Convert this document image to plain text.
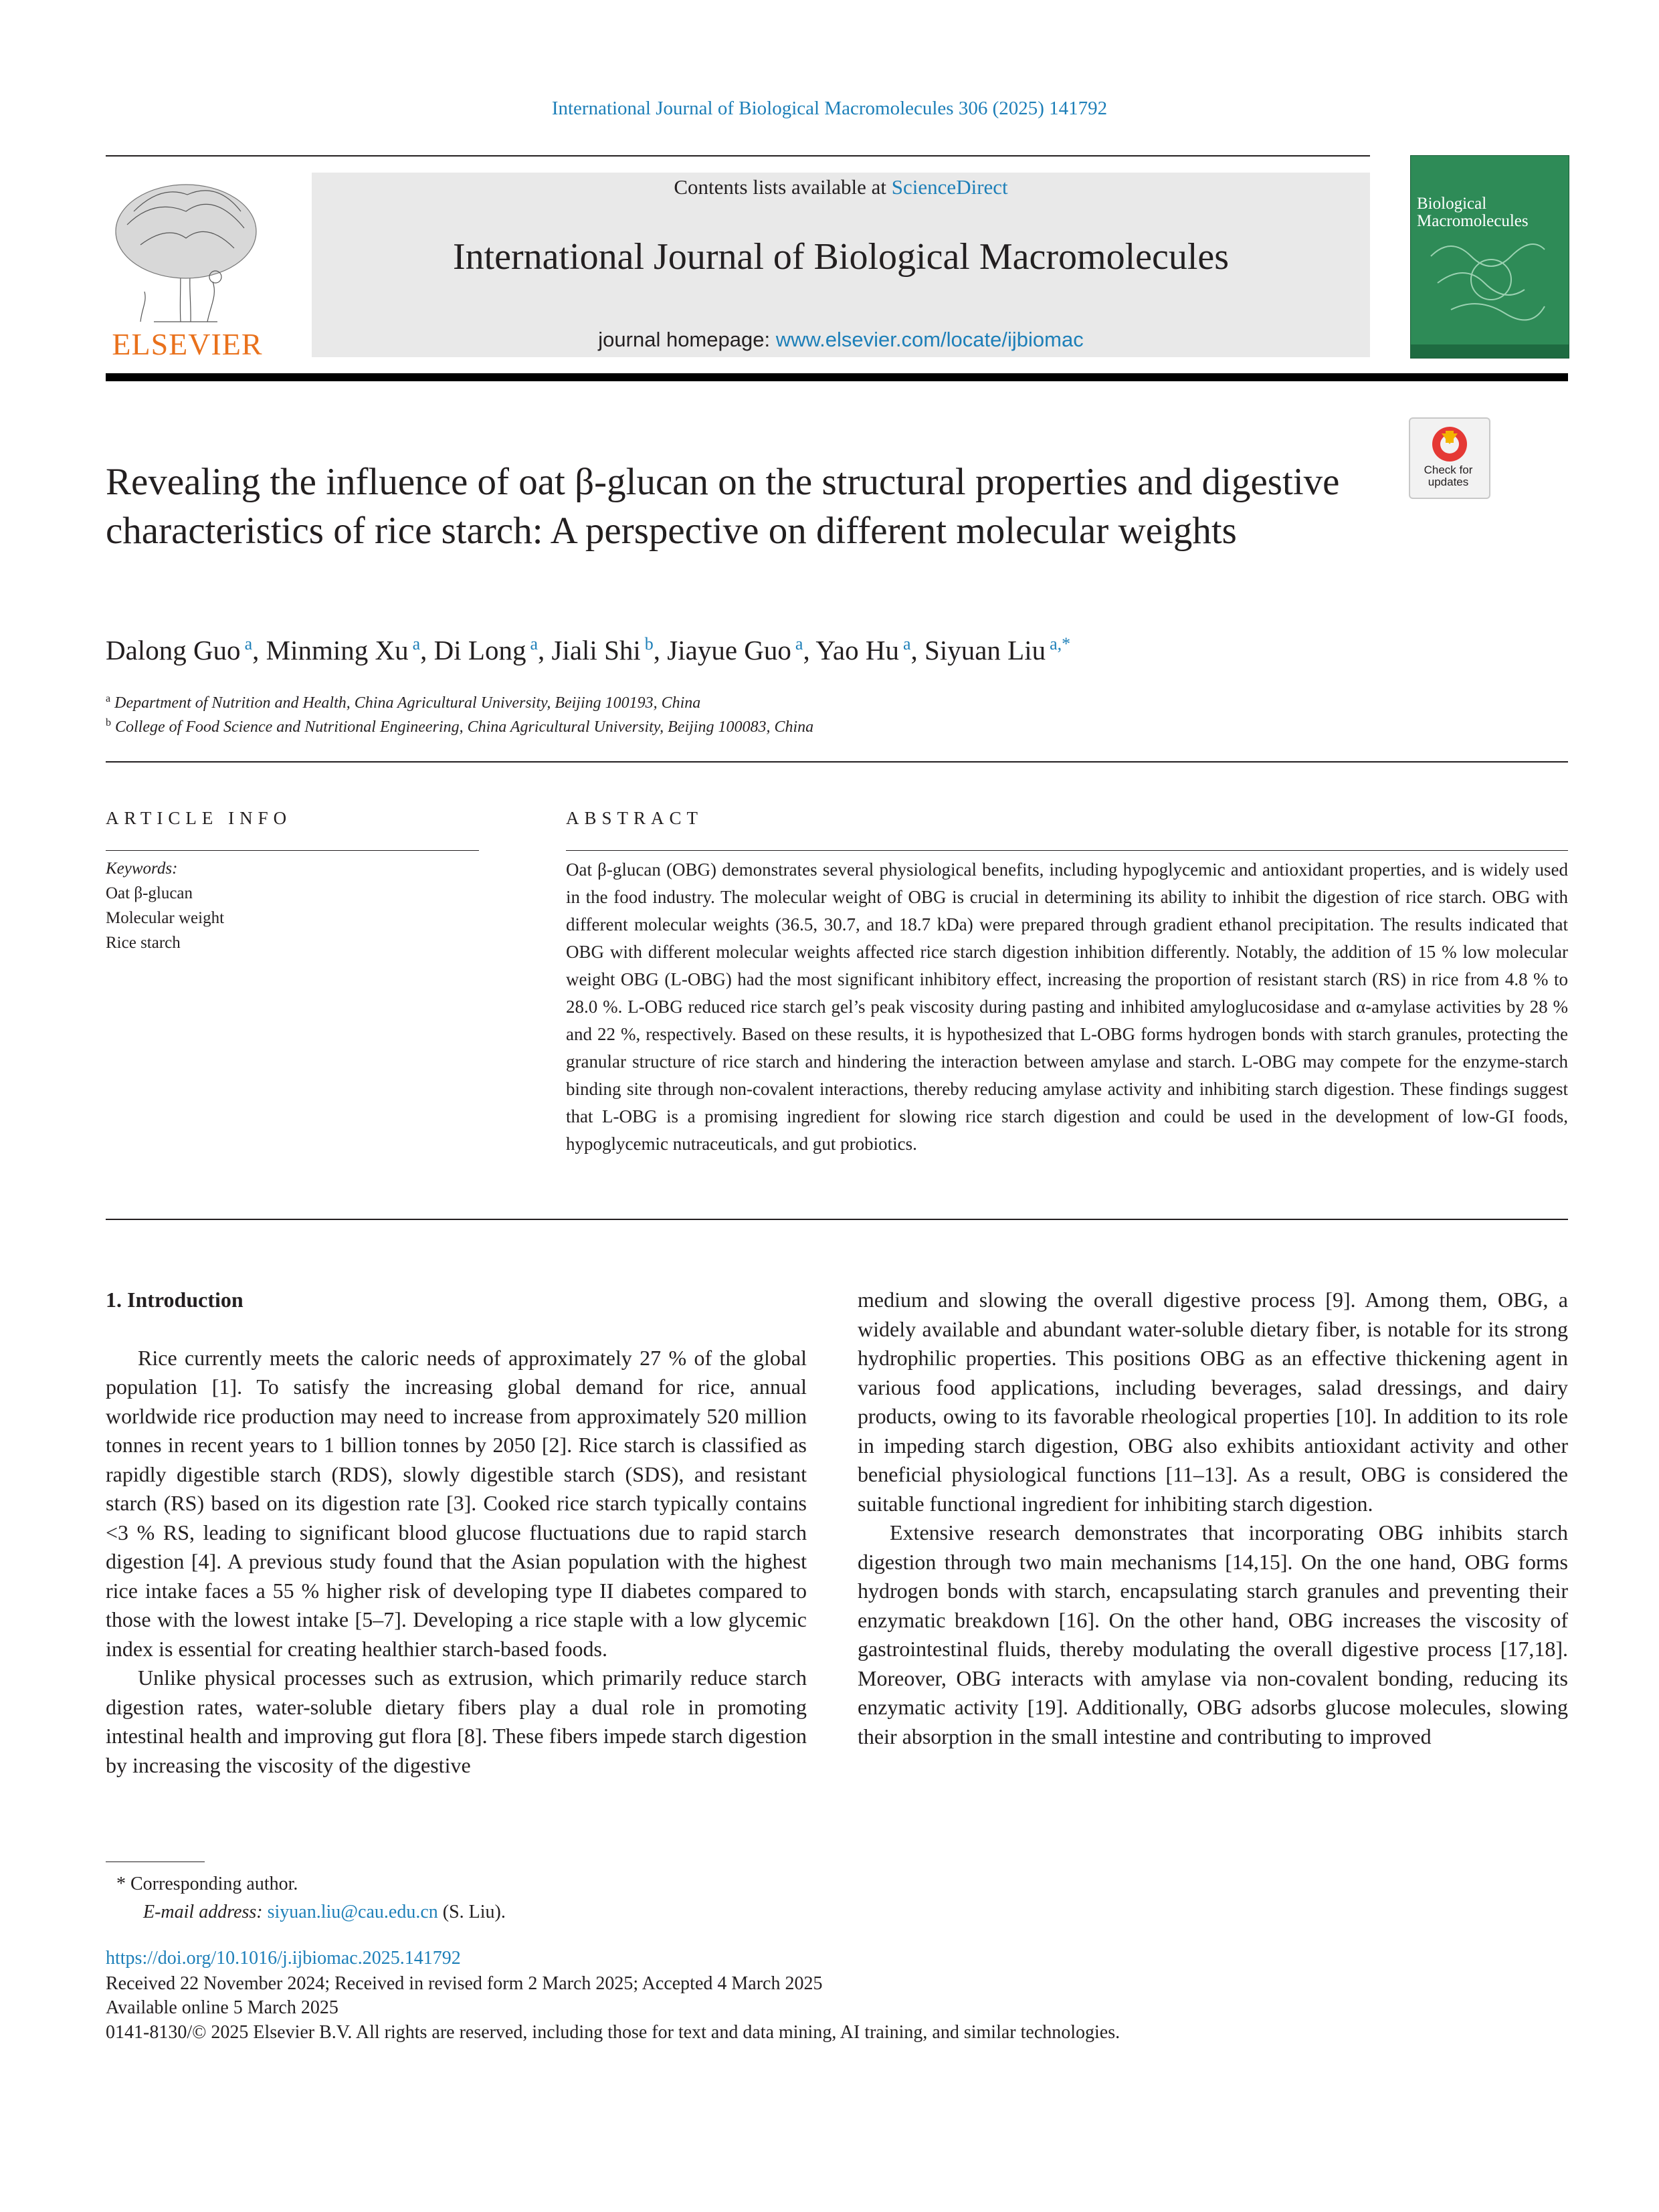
International Journal of Biological Macromolecules 306 (2025) 141792
ELSEVIER
Contents lists available at ScienceDirect
International Journal of Biological Macromolecules
journal homepage: www.elsevier.com/locate/ijbiomac
Biological Macromolecules
Check for updates
Revealing the influence of oat β-glucan on the structural properties and digestive characteristics of rice starch: A perspective on different molecular weights
Dalong Guo $^a$, Minming Xu $^a$, Di Long $^a$, Jiali Shi $^b$, Jiayue Guo $^a$, Yao Hu $^a$, Siyuan Liu $^{a,*}$
$^a$ Department of Nutrition and Health, China Agricultural University, Beijing 100193, China
$^b$ College of Food Science and Nutritional Engineering, China Agricultural University, Beijing 100083, China
ARTICLE INFO	ABSTRACT
Keywords:
Oat β-glucan
Molecular weight
Rice starch
Oat β-glucan (OBG) demonstrates several physiological benefits, including hypoglycemic and antioxidant properties, and is widely used in the food industry. The molecular weight of OBG is crucial in determining its ability to inhibit the digestion of rice starch. OBG with different molecular weights (36.5, 30.7, and 18.7 kDa) were prepared through gradient ethanol precipitation. The results indicated that OBG with different molecular weights affected rice starch digestion inhibition differently. Notably, the addition of 15 % low molecular weight OBG (L-OBG) had the most significant inhibitory effect, increasing the proportion of resistant starch (RS) in rice from 4.8 % to 28.0 %. L-OBG reduced rice starch gel’s peak viscosity during pasting and inhibited amyloglucosidase and α-amylase activities by 28 % and 22 %, respectively. Based on these results, it is hypothesized that L-OBG forms hydrogen bonds with starch granules, protecting the granular structure of rice starch and hindering the interaction between amylase and starch. L-OBG may compete for the enzyme-starch binding site through non-covalent interactions, thereby reducing amylase activity and inhibiting starch digestion. These findings suggest that L-OBG is a promising ingredient for slowing rice starch digestion and could be used in the development of low-GI foods, hypoglycemic nutraceuticals, and gut probiotics.
1. Introduction

Rice currently meets the caloric needs of approximately 27 % of the global population [1]. To satisfy the increasing global demand for rice, annual worldwide rice production may need to increase from approximately 520 million tonnes in recent years to 1 billion tonnes by 2050 [2]. Rice starch is classified as rapidly digestible starch (RDS), slowly digestible starch (SDS), and resistant starch (RS) based on its digestion rate [3]. Cooked rice starch typically contains <3 % RS, leading to significant blood glucose fluctuations due to rapid starch digestion [4]. A previous study found that the Asian population with the highest rice intake faces a 55 % higher risk of developing type II diabetes compared to those with the lowest intake [5–7]. Developing a rice staple with a low glycemic index is essential for creating healthier starch-based foods.

Unlike physical processes such as extrusion, which primarily reduce starch digestion rates, water-soluble dietary fibers play a dual role in promoting intestinal health and improving gut flora [8]. These fibers impede starch digestion by increasing the viscosity of the digestive

medium and slowing the overall digestive process [9]. Among them, OBG, a widely available and abundant water-soluble dietary fiber, is notable for its strong hydrophilic properties. This positions OBG as an effective thickening agent in various food applications, including beverages, salad dressings, and dairy products, owing to its favorable rheological properties [10]. In addition to its role in impeding starch digestion, OBG also exhibits antioxidant activity and other beneficial physiological functions [11–13]. As a result, OBG is considered the suitable functional ingredient for inhibiting starch digestion.

Extensive research demonstrates that incorporating OBG inhibits starch digestion through two main mechanisms [14,15]. On the one hand, OBG forms hydrogen bonds with starch, encapsulating starch granules and preventing their enzymatic breakdown [16]. On the other hand, OBG increases the viscosity of gastrointestinal fluids, thereby modulating the overall digestive process [17,18]. Moreover, OBG interacts with amylase via non-covalent bonding, reducing its enzymatic activity [19]. Additionally, OBG adsorbs glucose molecules, slowing their absorption in the small intestine and contributing to improved

* Corresponding author.
E-mail address: siyuan.liu@cau.edu.cn (S. Liu).
https://doi.org/10.1016/j.ijbiomac.2025.141792
Received 22 November 2024; Received in revised form 2 March 2025; Accepted 4 March 2025
Available online 5 March 2025
0141-8130/© 2025 Elsevier B.V. All rights are reserved, including those for text and data mining, AI training, and similar technologies.
